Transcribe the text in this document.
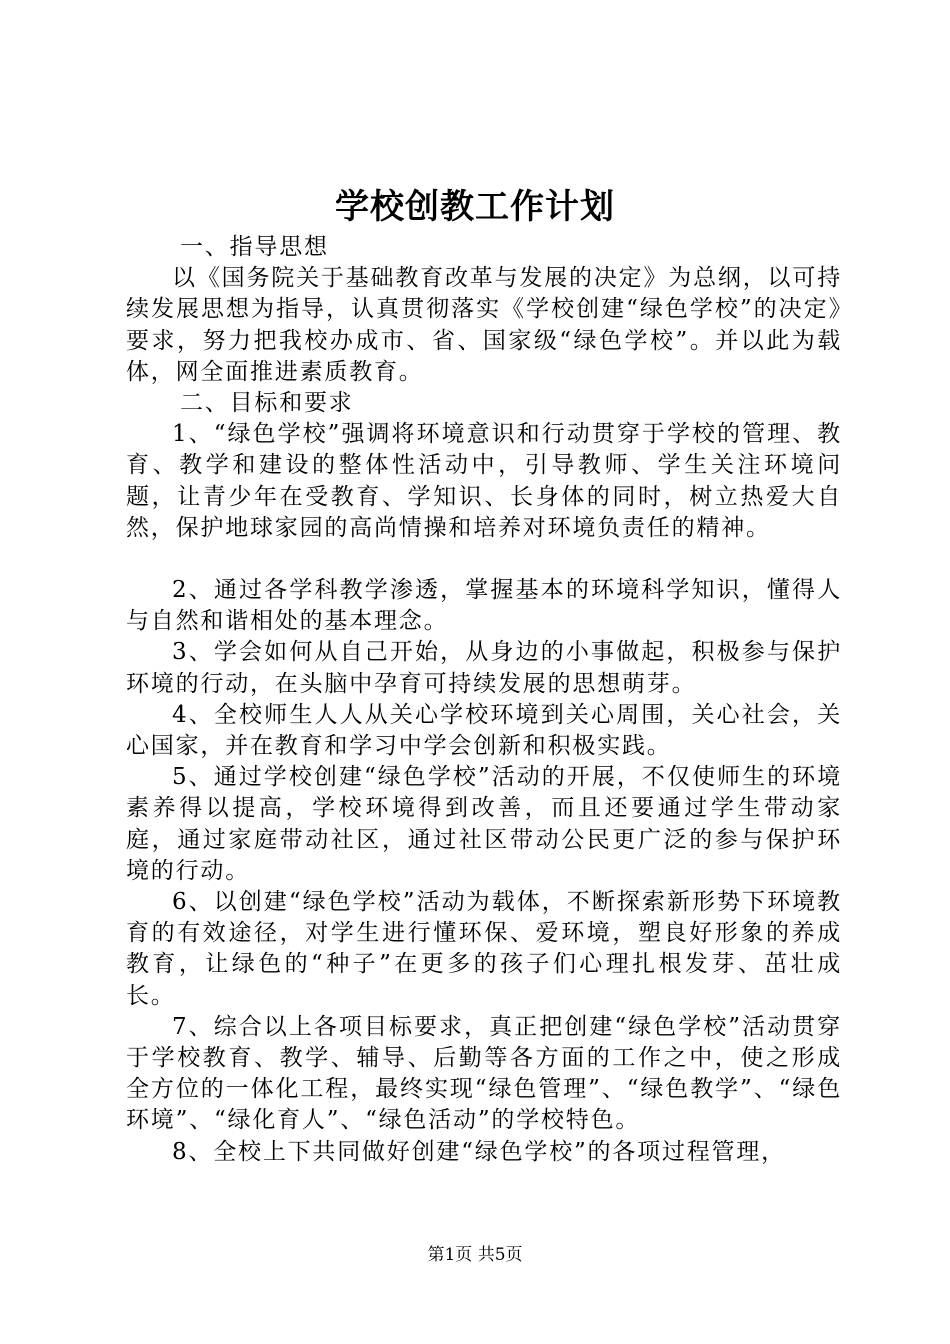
学校创教工作计划

一、指导思想

以《国务院关于基础教育改革与发展的决定》为总纲，以可持续发展思想为指导，认真贯彻落实《学校创建“绿色学校”的决定》要求，努力把我校办成市、省、国家级“绿色学校”。并以此为载体，网全面推进素质教育。

二、目标和要求

1、“绿色学校”强调将环境意识和行动贯穿于学校的管理、教育、教学和建设的整体性活动中，引导教师、学生关注环境问题，让青少年在受教育、学知识、长身体的同时，树立热爱大自然，保护地球家园的高尚情操和培养对环境负责任的精神。

2、通过各学科教学渗透，掌握基本的环境科学知识，懂得人与自然和谐相处的基本理念。

3、学会如何从自己开始，从身边的小事做起，积极参与保护环境的行动，在头脑中孕育可持续发展的思想萌芽。

4、全校师生人人从关心学校环境到关心周围，关心社会，关心国家，并在教育和学习中学会创新和积极实践。

5、通过学校创建“绿色学校”活动的开展，不仅使师生的环境素养得以提高，学校环境得到改善，而且还要通过学生带动家庭，通过家庭带动社区，通过社区带动公民更广泛的参与保护环境的行动。

6、以创建“绿色学校”活动为载体，不断探索新形势下环境教育的有效途径，对学生进行懂环保、爱环境，塑良好形象的养成教育，让绿色的“种子”在更多的孩子们心理扎根发芽、茁壮成长。

7、综合以上各项目标要求，真正把创建“绿色学校”活动贯穿于学校教育、教学、辅导、后勤等各方面的工作之中，使之形成全方位的一体化工程，最终实现“绿色管理”、“绿色教学”、“绿色环境”、“绿化育人”、“绿色活动”的学校特色。

8、全校上下共同做好创建“绿色学校”的各项过程管理，

第1页 共5页
